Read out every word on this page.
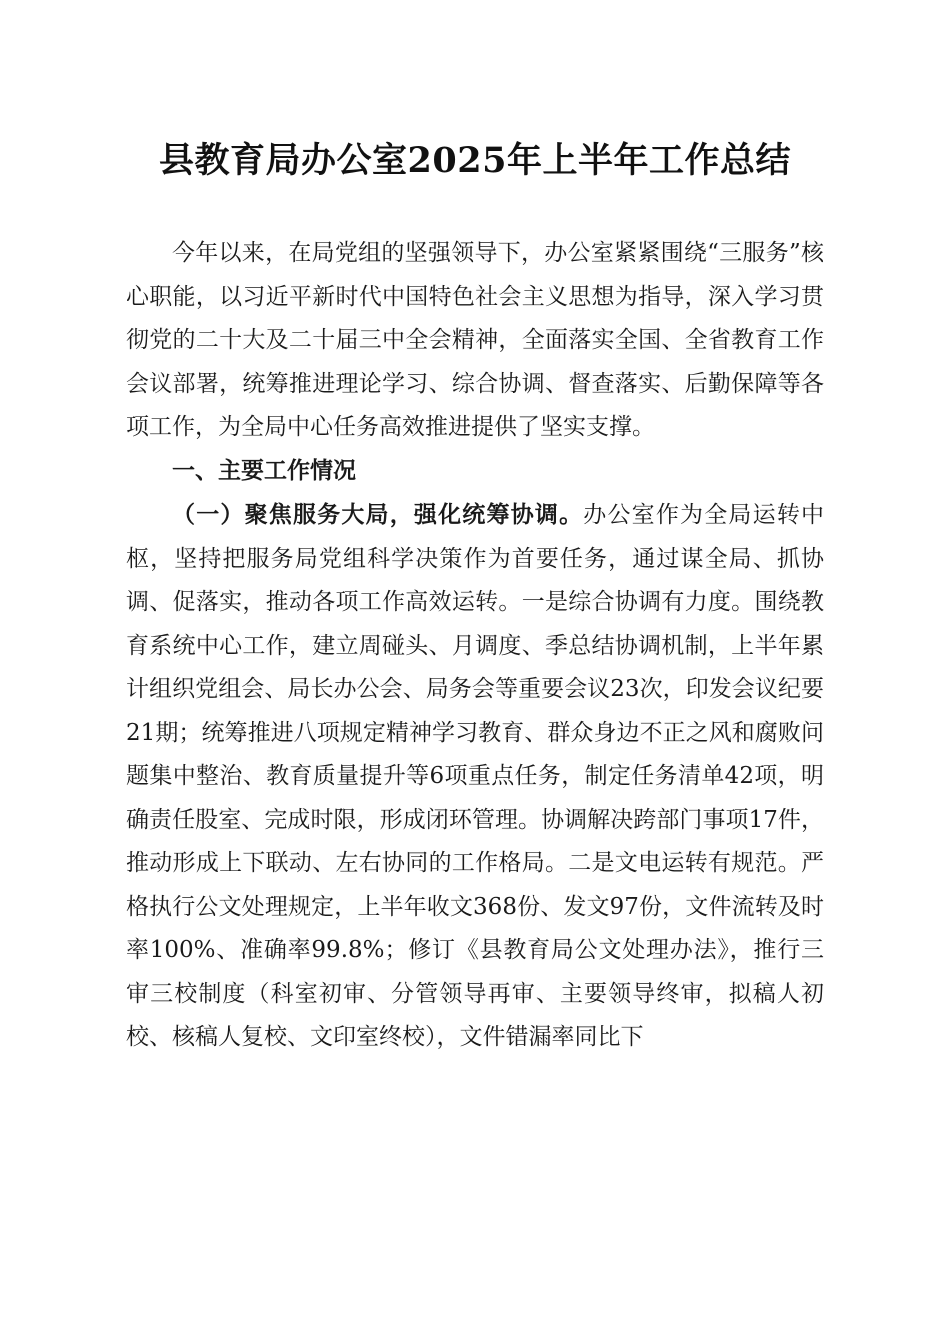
县教育局办公室2025年上半年工作总结

今年以来，在局党组的坚强领导下，办公室紧紧围绕“三服务”核心职能，以习近平新时代中国特色社会主义思想为指导，深入学习贯彻党的二十大及二十届三中全会精神，全面落实全国、全省教育工作会议部署，统筹推进理论学习、综合协调、督查落实、后勤保障等各项工作，为全局中心任务高效推进提供了坚实支撑。

一、主要工作情况

（一）聚焦服务大局，强化统筹协调。办公室作为全局运转中枢，坚持把服务局党组科学决策作为首要任务，通过谋全局、抓协调、促落实，推动各项工作高效运转。一是综合协调有力度。围绕教育系统中心工作，建立周碰头、月调度、季总结协调机制，上半年累计组织党组会、局长办公会、局务会等重要会议23次，印发会议纪要21期；统筹推进八项规定精神学习教育、群众身边不正之风和腐败问题集中整治、教育质量提升等6项重点任务，制定任务清单42项，明确责任股室、完成时限，形成闭环管理。协调解决跨部门事项17件，推动形成上下联动、左右协同的工作格局。二是文电运转有规范。严格执行公文处理规定，上半年收文368份、发文97份，文件流转及时率100%、准确率99.8%；修订《县教育局公文处理办法》，推行三审三校制度（科室初审、分管领导再审、主要领导终审，拟稿人初校、核稿人复校、文印室终校），文件错漏率同比下
